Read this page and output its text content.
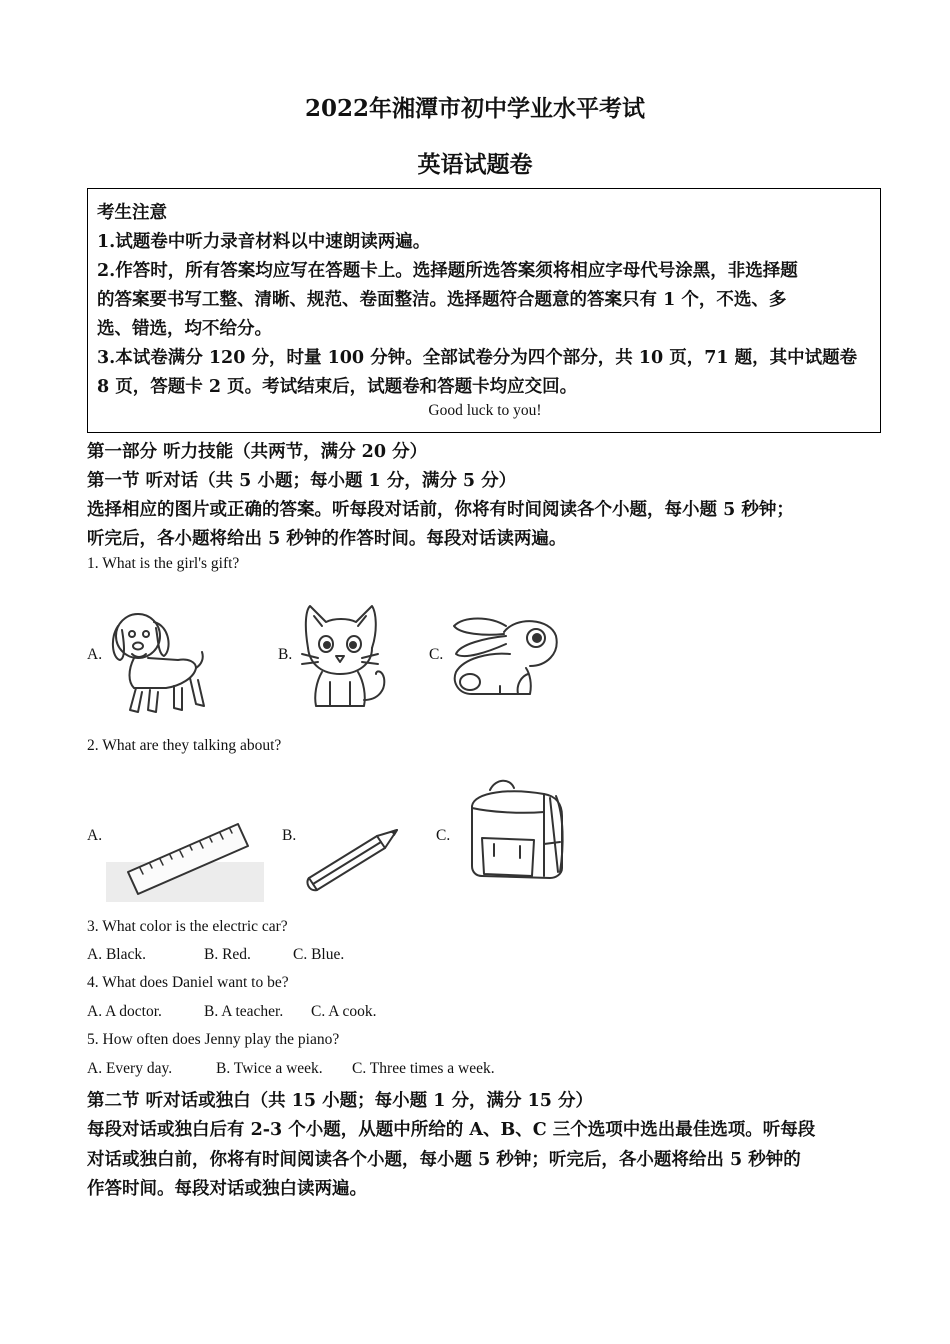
2022年湘潭市初中学业水平考试
英语试题卷
考生注意
1.试题卷中听力录音材料以中速朗读两遍。
2.作答时，所有答案均应写在答题卡上。选择题所选答案须将相应字母代号涂黑，非选择题
的答案要书写工整、清晰、规范、卷面整洁。选择题符合题意的答案只有 1 个，不选、多
选、错选，均不给分。
3.本试卷满分 120 分，时量 100 分钟。全部试卷分为四个部分，共 10 页，71 题，其中试题卷
8 页，答题卡 2 页。考试结束后，试题卷和答题卡均应交回。
Good luck to you!
第一部分 听力技能（共两节，满分 20 分）
第一节 听对话（共 5 小题；每小题 1 分，满分 5 分）
选择相应的图片或正确的答案。听每段对话前，你将有时间阅读各个小题，每小题 5 秒钟；
听完后，各小题将给出 5 秒钟的作答时间。每段对话读两遍。
1. What is the girl's gift?
A.	B.	C.
2. What are they talking about?
A.	B.	C.
3. What color is the electric car?
A. Black.	B. Red.	C. Blue.
4. What does Daniel want to be?
A. A doctor.	B. A teacher. C. A cook.
5. How often does Jenny play the piano?
A. Every day.	B. Twice a week. C. Three times a week.
第二节 听对话或独白（共 15 小题；每小题 1 分，满分 15 分）
每段对话或独白后有 2-3 个小题，从题中所给的 A、B、C 三个选项中选出最佳选项。听每段
对话或独白前，你将有时间阅读各个小题，每小题 5 秒钟；听完后，各小题将给出 5 秒钟的
作答时间。每段对话或独白读两遍。
